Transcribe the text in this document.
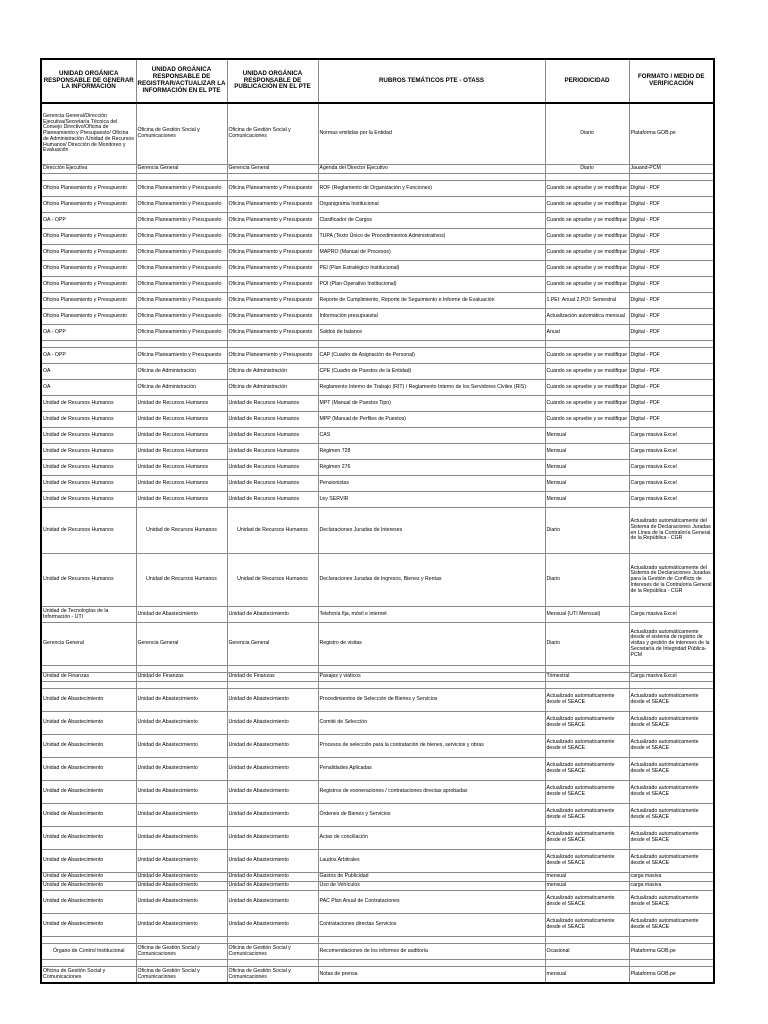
UNIDAD ORGÁNICA RESPONSABLE DE GENERAR LA INFORMACIÓN	UNIDAD ORGÁNICA RESPONSABLE DE REGISTRAR/ACTUALIZAR LA INFORMACIÓN EN EL PTE	UNIDAD ORGÁNICA RESPONSABLE DE PUBLICACIÓN EN EL PTE	RUBROS TEMÁTICOS PTE - OTASS	PERIODICIDAD	FORMATO / MEDIO DE VERIFICACIÓN
Gerencia General/Dirección Ejecutiva/Secretaría Técnica del Consejo Directivo/Oficina de Planeamiento y Presupuesto/ Oficina de Administración /Unidad de Recursos Humanos/ Dirección de Monitoreo y Evaluación	Oficina de Gestión Social y Comunicaciones	Oficina de Gestión Social y Comunicaciones	Normas emitidas por la Entidad	Diario	Plataforma GOB.pe
Dirección Ejecutiva	Gerencia General	Gerencia General	Agenda del Director Ejecutivo	Diario	Jauand-PCM

Oficina Planeamiento y Presupuesto	Oficina Planeamiento y Presupuesto	Oficina Planeamiento y Presupuesto	ROF (Reglamento de Organización y Funciones)	Cuando se apruebe y se modifique	Digital - PDF
Oficina Planeamiento y Presupuesto	Oficina Planeamiento y Presupuesto	Oficina Planeamiento y Presupuesto	Organigrama Institucional	Cuando se apruebe y se modifique	Digital - PDF
OA - OPP	Oficina Planeamiento y Presupuesto	Oficina Planeamiento y Presupuesto	Clasificador de Cargos	Cuando se apruebe y se modifique	Digital - PDF
Oficina Planeamiento y Presupuesto	Oficina Planeamiento y Presupuesto	Oficina Planeamiento y Presupuesto	TUPA (Texto Único de Procedimientos Administrativos)	Cuando se apruebe y se modifique	Digital - PDF
Oficina Planeamiento y Presupuesto	Oficina Planeamiento y Presupuesto	Oficina Planeamiento y Presupuesto	MAPRO (Manual de Procesos)	Cuando se apruebe y se modifique	Digital - PDF
Oficina Planeamiento y Presupuesto	Oficina Planeamiento y Presupuesto	Oficina Planeamiento y Presupuesto	PEI (Plan Estratégico Institucional)	Cuando se apruebe y se modifique	Digital - PDF
Oficina Planeamiento y Presupuesto	Oficina Planeamiento y Presupuesto	Oficina Planeamiento y Presupuesto	POI (Plan Operativo Institucional)	Cuando se apruebe y se modifique	Digital - PDF
Oficina Planeamiento y Presupuesto	Oficina Planeamiento y Presupuesto	Oficina Planeamiento y Presupuesto	Reporte de Cumplimiento, Reporte de Seguimiento e Informe de Evaluación	1.PEI: Anual 2.POI: Semestral	Digital - PDF
Oficina Planeamiento y Presupuesto	Oficina Planeamiento y Presupuesto	Oficina Planeamiento y Presupuesto	Información presupuestal	Actualización automática mensual	Digital - PDF
OA - OPP	Oficina Planeamiento y Presupuesto	Oficina Planeamiento y Presupuesto	Saldos de balance	Anual	Digital - PDF

OA - OPP	Oficina Planeamiento y Presupuesto	Oficina Planeamiento y Presupuesto	CAP (Cuadro de Asignación de Personal)	Cuando se apruebe y se modifique	Digital - PDF
OA	Oficina de Administración	Oficina de Administración	CPE (Cuadro de Puestos de la Entidad)	Cuando se apruebe y se modifique	Digital - PDF
OA	Oficina de Administración	Oficina de Administración	Reglamento Interno de Trabajo (RIT) / Reglamento Interno de los Servidores Civiles (RIS)	Cuando se apruebe y se modifique	Digital - PDF
Unidad de Recursos Humanos	Unidad de Recursos Humanos	Unidad de Recursos Humanos	MPT (Manual de Puestos Tipo)	Cuando se apruebe y se modifique	Digital - PDF
Unidad de Recursos Humanos	Unidad de Recursos Humanos	Unidad de Recursos Humanos	MPP (Manual de Perfiles de Puestos)	Cuando se apruebe y se modifique	Digital - PDF
Unidad de Recursos Humanos	Unidad de Recursos Humanos	Unidad de Recursos Humanos	CAS	Mensual	Carga masiva Excel
Unidad de Recursos Humanos	Unidad de Recursos Humanos	Unidad de Recursos Humanos	Régimen 728	Mensual	Carga masiva Excel
Unidad de Recursos Humanos	Unidad de Recursos Humanos	Unidad de Recursos Humanos	Régimen 276	Mensual	Carga masiva Excel
Unidad de Recursos Humanos	Unidad de Recursos Humanos	Unidad de Recursos Humanos	Pensionistas	Mensual	Carga masiva Excel
Unidad de Recursos Humanos	Unidad de Recursos Humanos	Unidad de Recursos Humanos	Ley SERVIR	Mensual	Carga masiva Excel
Unidad de Recursos Humanos	Unidad de Recursos Humanos	Unidad de Recursos Humanos	Declaraciones Juradas de Intereses	Diario	Actualizado automáticamente del Sistema de Declaraciones Juradas en Línea de la Contraloría General de la República - CGR
Unidad de Recursos Humanos	Unidad de Recursos Humanos	Unidad de Recursos Humanos	Declaraciones Juradas de Ingresos, Bienes y Rentas	Diario	Actualizado automáticamente del Sistema de Declaraciones Juradas para la Gestión de Conflicto de Intereses de la Contraloría General de la República - CGR
Unidad de Tecnologías de la Información - UTI	Unidad de Abastecimiento	Unidad de Abastecimiento	Telefonía fija, móvil e internet	Mensual (UTI Mensual)	Carga masiva Excel
Gerencia General	Gerencia General	Gerencia General	Registro de visitas	Diario	Actualizado automáticamente desde el sistema de registro de visitas y gestión de intereses de la Secretaría de Integridad Pública-PCM

Unidad de Finanzas	Unidad de Finanzas	Unidad de Finanzas	Pasajes y viáticos	Trimestral	Carga masiva Excel

Unidad de Abastecimiento	Unidad de Abastecimiento	Unidad de Abastecimiento	Procedimientos de Selección de Bienes y Servicios	Actualizado automaticamente desde el SEACE	Actualizado automaticamente desde el SEACE
Unidad de Abastecimiento	Unidad de Abastecimiento	Unidad de Abastecimiento	Comité de Selección	Actualizado automaticamente desde el SEACE	Actualizado automaticamente desde el SEACE
Unidad de Abastecimiento	Unidad de Abastecimiento	Unidad de Abastecimiento	Procesos de selección para la contratación de bienes, servicios y obras	Actualizado automaticamente desde el SEACE	Actualizado automaticamente desde el SEACE
Unidad de Abastecimiento	Unidad de Abastecimiento	Unidad de Abastecimiento	Penalidades Aplicadas	Actualizado automaticamente desde el SEACE	Actualizado automaticamente desde el SEACE
Unidad de Abastecimiento	Unidad de Abastecimiento	Unidad de Abastecimiento	Registros de exoneraciones / contrataciones directas aprobadas	Actualizado automaticamente desde el SEACE	Actualizado automaticamente desde el SEACE
Unidad de Abastecimiento	Unidad de Abastecimiento	Unidad de Abastecimiento	Órdenes de Bienes y Servicios	Actualizado automaticamente desde el SEACE	Actualizado automaticamente desde el SEACE
Unidad de Abastecimiento	Unidad de Abastecimiento	Unidad de Abastecimiento	Actas de conciliación	Actualizado automaticamente desde el SEACE	Actualizado automaticamente desde el SEACE
Unidad de Abastecimiento	Unidad de Abastecimiento	Unidad de Abastecimiento	Laudos Arbitrales	Actualizado automaticamente desde el SEACE	Actualizado automaticamente desde el SEACE
Unidad de Abastecimiento	Unidad de Abastecimiento	Unidad de Abastecimiento	Gastos de Publicidad	mensual	carga masiva
Unidad de Abastecimiento	Unidad de Abastecimiento	Unidad de Abastecimiento	Uso de Vehículos	mensual	carga masiva
Unidad de Abastecimiento	Unidad de Abastecimiento	Unidad de Abastecimiento	PAC Plan Anual de Contrataciones	Actualizado automaticamente desde el SEACE	Actualizado automaticamente desde el SEACE
Unidad de Abastecimiento	Unidad de Abastecimiento	Unidad de Abastecimiento	Contrataciones directas Servicios	Actualizado automaticamente desde el SEACE	Actualizado automaticamente desde el SEACE

Órgano de Control Institucional	Oficina de Gestión Social y Comunicaciones	Oficina de Gestión Social y Comunicaciones	Recomendaciones de los informes de auditoría	Ocasional	Plataforma GOB.pe

Oficina de Gestión Social y Comunicaciones	Oficina de Gestión Social y Comunicaciones	Oficina de Gestión Social y Comunicaciones	Notas de prensa	mensual	Plataforma GOB.pe
